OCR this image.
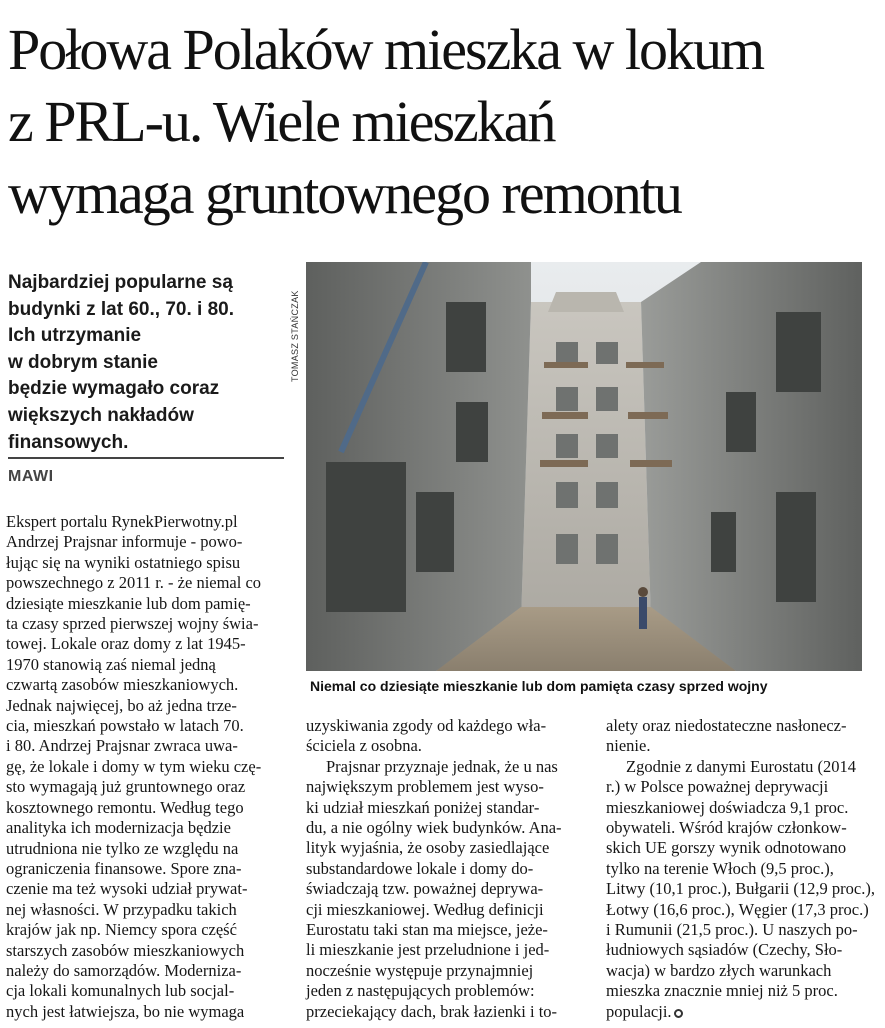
Połowa Polaków mieszka w lokum
z PRL-u. Wiele mieszkań
wymaga gruntownego remontu
Najbardziej popularne są
budynki z lat 60., 70. i 80.
Ich utrzymanie
w dobrym stanie
będzie wymagało coraz
większych nakładów
finansowych.
MAWI
TOMASZ STAŃCZAK
Niemal co dziesiąte mieszkanie lub dom pamięta czasy sprzed wojny
Ekspert portalu RynekPierwotny.pl
Andrzej Prajsnar informuje - powo-
łując się na wyniki ostatniego spisu
powszechnego z 2011 r. - że niemal co
dziesiąte mieszkanie lub dom pamię-
ta czasy sprzed pierwszej wojny świa-
towej. Lokale oraz domy z lat 1945-
1970 stanowią zaś niemal jedną
czwartą zasobów mieszkaniowych.
Jednak najwięcej, bo aż jedna trze-
cia, mieszkań powstało w latach 70.
i 80. Andrzej Prajsnar zwraca uwa-
gę, że lokale i domy w tym wieku czę-
sto wymagają już gruntownego oraz
kosztownego remontu. Według tego
analityka ich modernizacja będzie
utrudniona nie tylko ze względu na
ograniczenia finansowe. Spore zna-
czenie ma też wysoki udział prywat-
nej własności. W przypadku takich
krajów jak np. Niemcy spora część
starszych zasobów mieszkaniowych
należy do samorządów. Moderniza-
cja lokali komunalnych lub socjal-
nych jest łatwiejsza, bo nie wymaga
uzyskiwania zgody od każdego wła-
ściciela z osobna.
Prajsnar przyznaje jednak, że u nas
największym problemem jest wyso-
ki udział mieszkań poniżej standar-
du, a nie ogólny wiek budynków. Ana-
lityk wyjaśnia, że osoby zasiedlające
substandardowe lokale i domy do-
świadczają tzw. poważnej deprywa-
cji mieszkaniowej. Według definicji
Eurostatu taki stan ma miejsce, jeże-
li mieszkanie jest przeludnione i jed-
nocześnie występuje przynajmniej
jeden z następujących problemów:
przeciekający dach, brak łazienki i to-
alety oraz niedostateczne nasłonecz-
nienie.
Zgodnie z danymi Eurostatu (2014
r.) w Polsce poważnej deprywacji
mieszkaniowej doświadcza 9,1 proc.
obywateli. Wśród krajów członkow-
skich UE gorszy wynik odnotowano
tylko na terenie Włoch (9,5 proc.),
Litwy (10,1 proc.), Bułgarii (12,9 proc.),
Łotwy (16,6 proc.), Węgier (17,3 proc.)
i Rumunii (21,5 proc.). U naszych po-
łudniowych sąsiadów (Czechy, Sło-
wacja) w bardzo złych warunkach
mieszka znacznie mniej niż 5 proc.
populacji.
